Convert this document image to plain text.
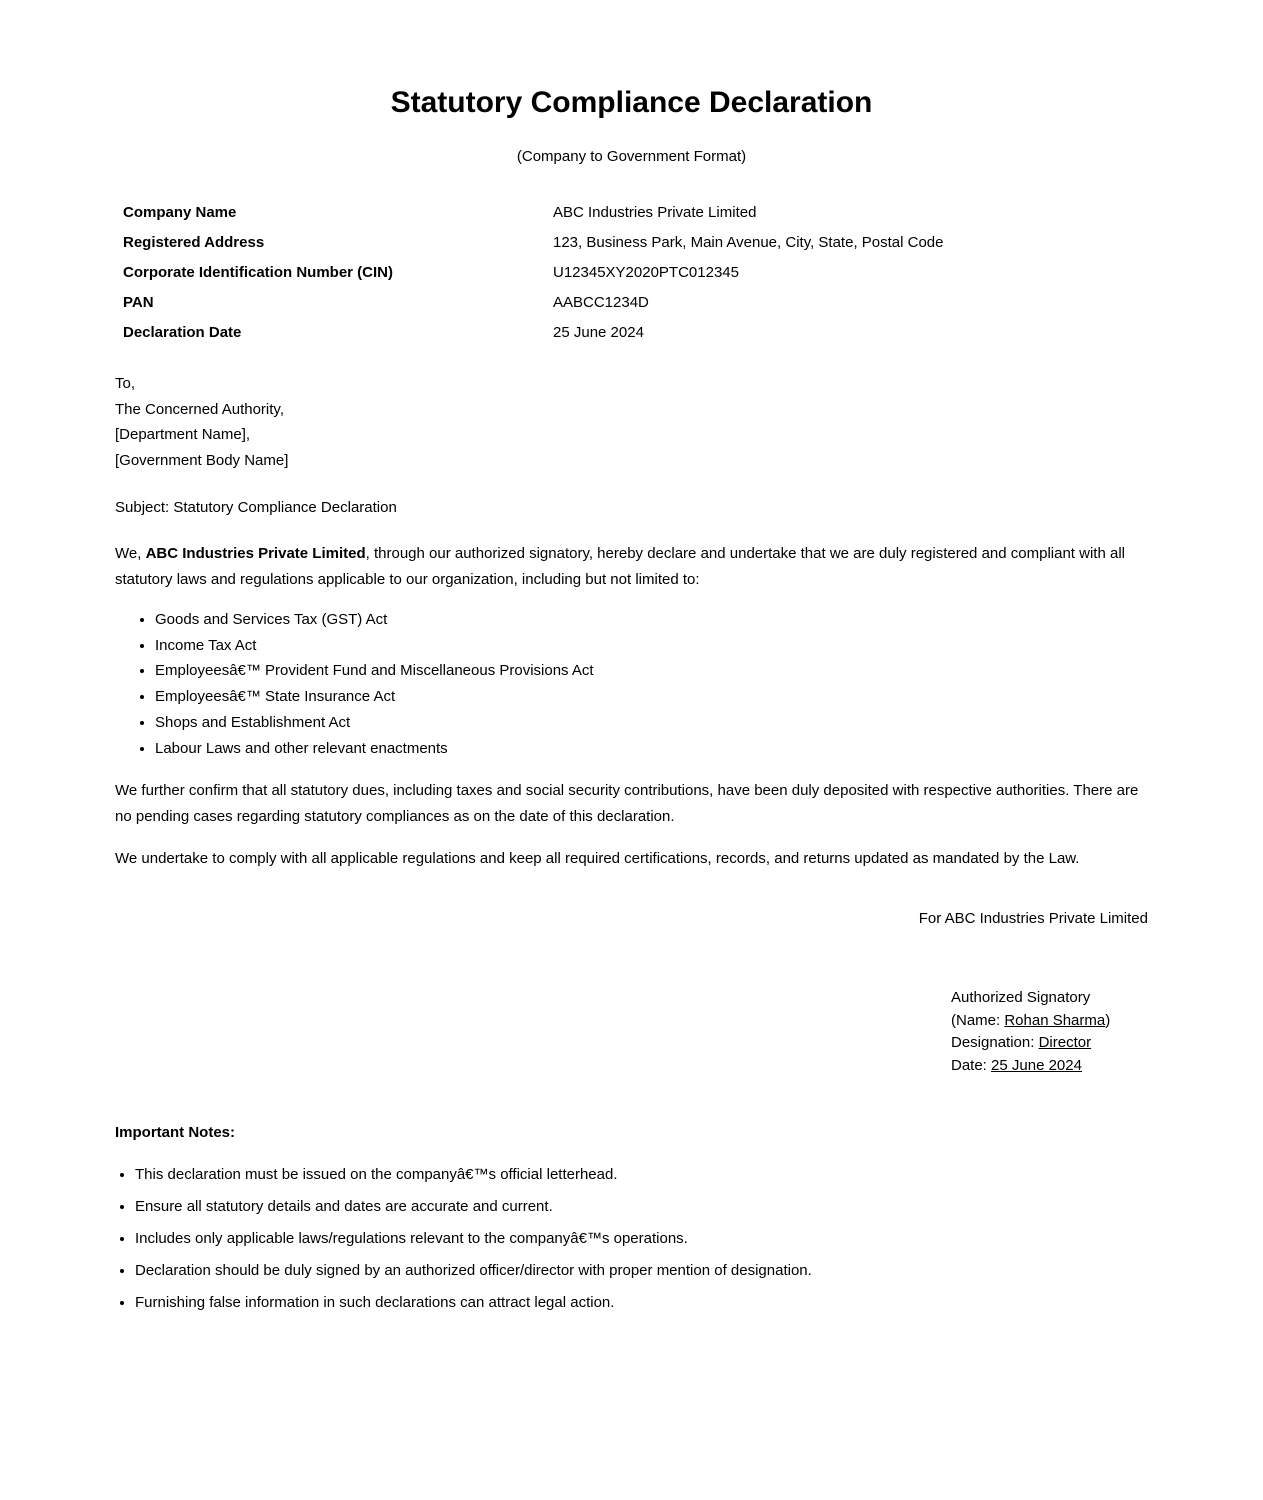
Statutory Compliance Declaration
(Company to Government Format)
Company Name	ABC Industries Private Limited
Registered Address	123, Business Park, Main Avenue, City, State, Postal Code
Corporate Identification Number (CIN)	U12345XY2020PTC012345
PAN	AABCC1234D
Declaration Date	25 June 2024
To,
The Concerned Authority,
[Department Name],
[Government Body Name]
Subject: Statutory Compliance Declaration

We, ABC Industries Private Limited, through our authorized signatory, hereby declare and undertake that we are duly registered and compliant with all statutory laws and regulations applicable to our organization, including but not limited to:

• Goods and Services Tax (GST) Act
• Income Tax Act
• Employeesâ€™ Provident Fund and Miscellaneous Provisions Act
• Employeesâ€™ State Insurance Act
• Shops and Establishment Act
• Labour Laws and other relevant enactments

We further confirm that all statutory dues, including taxes and social security contributions, have been duly deposited with respective authorities. There are no pending cases regarding statutory compliances as on the date of this declaration.

We undertake to comply with all applicable regulations and keep all required certifications, records, and returns updated as mandated by the Law.

For ABC Industries Private Limited
Authorized Signatory
(Name: Rohan Sharma)
Designation: Director
Date: 25 June 2024
Important Notes:
• This declaration must be issued on the companyâ€™s official letterhead.
• Ensure all statutory details and dates are accurate and current.
• Includes only applicable laws/regulations relevant to the companyâ€™s operations.
• Declaration should be duly signed by an authorized officer/director with proper mention of designation.
• Furnishing false information in such declarations can attract legal action.
